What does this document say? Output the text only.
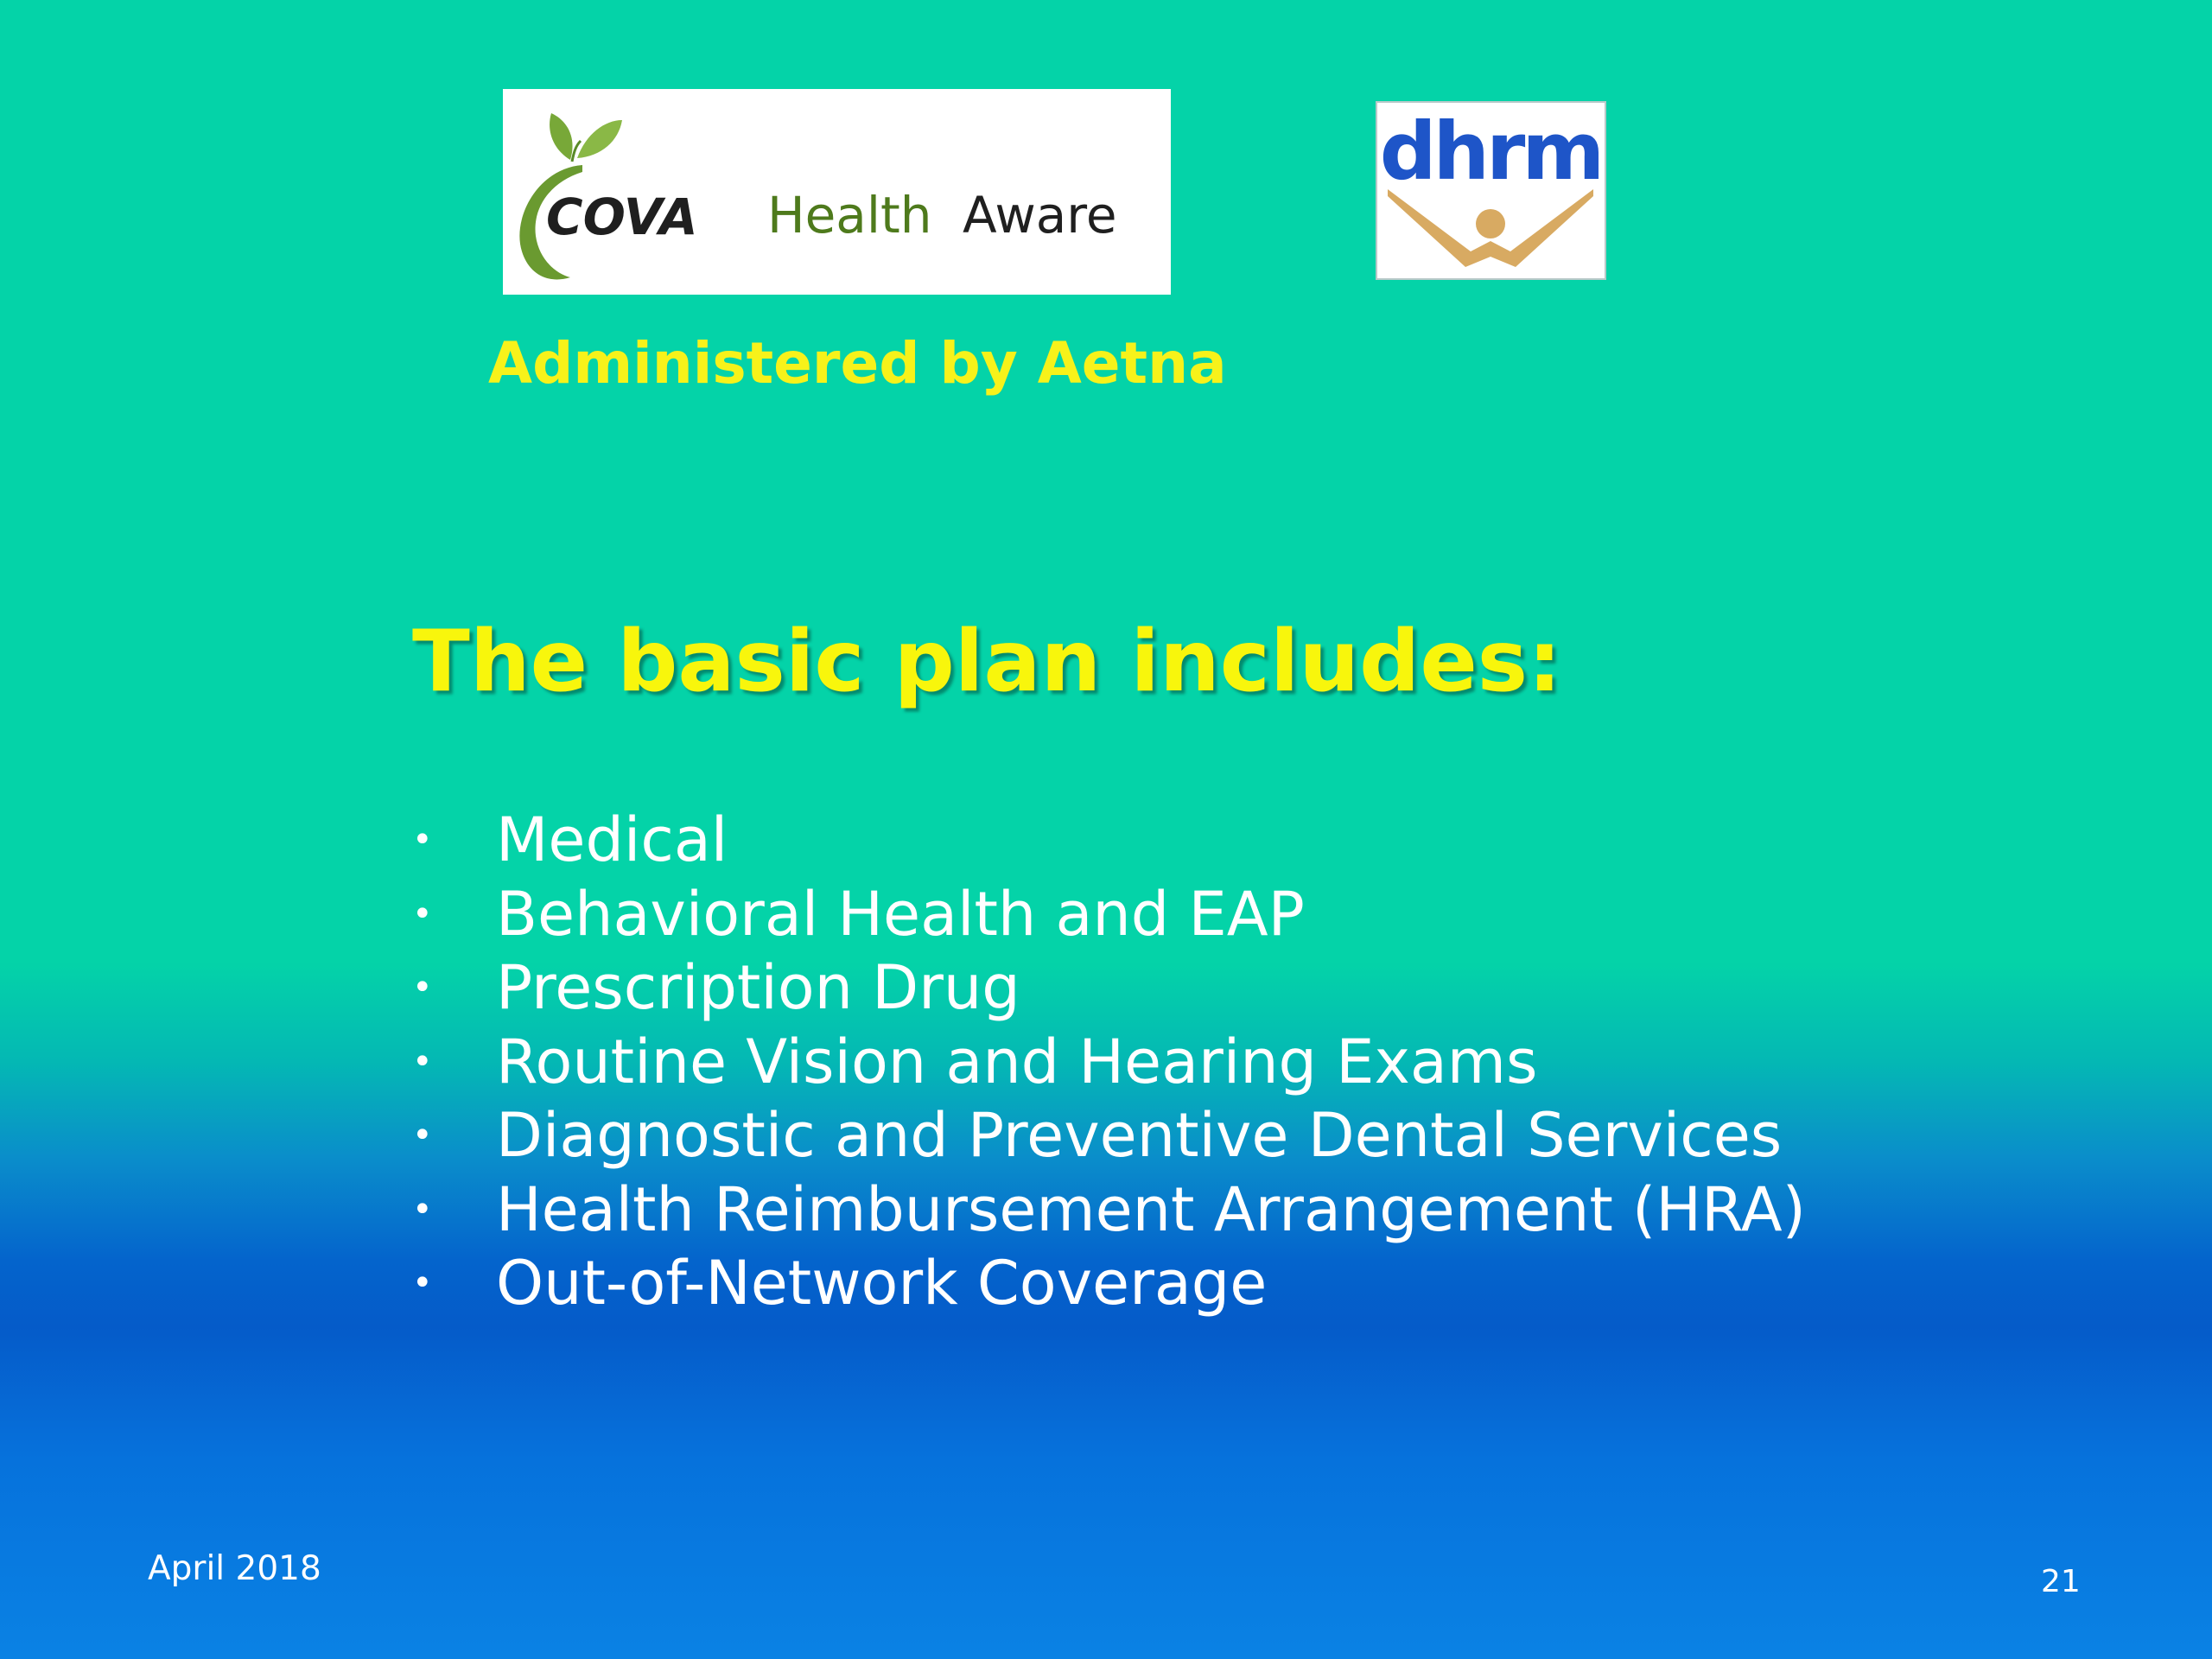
COVA Health Aware
dhrm
Administered by Aetna
The basic plan includes:
• Medical
• Behavioral Health and EAP
• Prescription Drug
• Routine Vision and Hearing Exams
• Diagnostic and Preventive Dental Services
• Health Reimbursement Arrangement (HRA)
• Out-of-Network Coverage
April 2018	21
